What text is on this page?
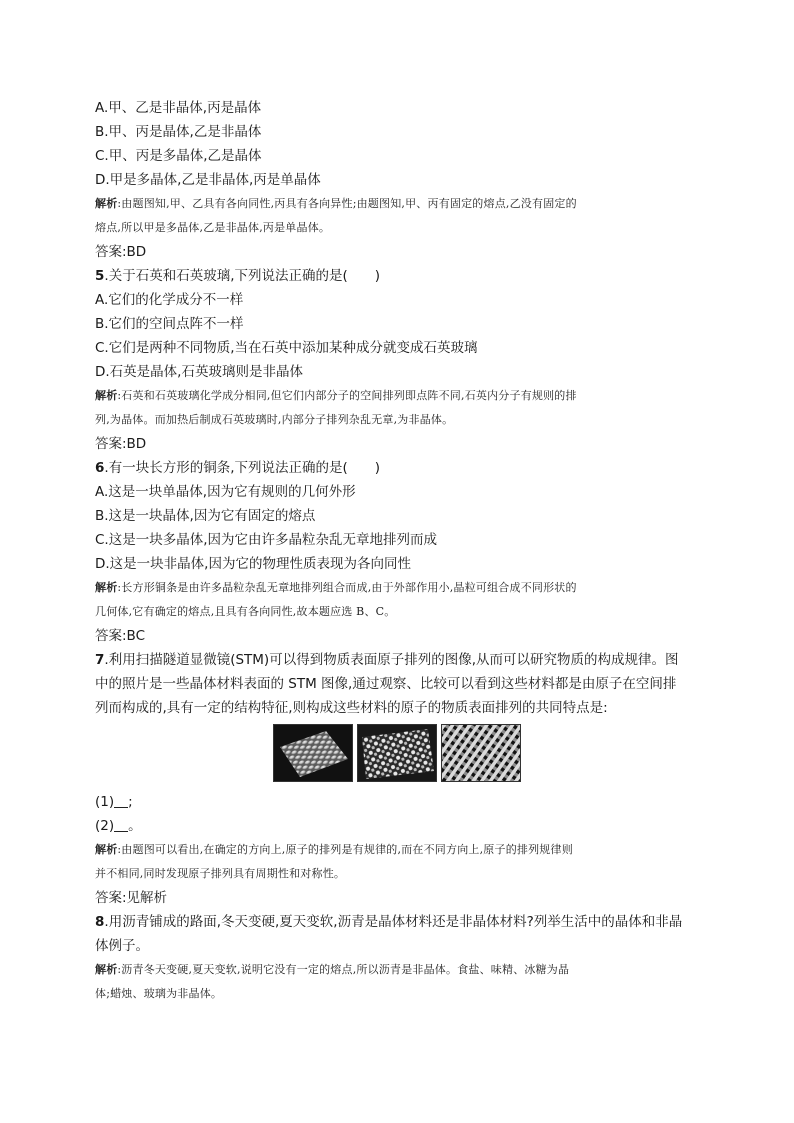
A.甲、乙是非晶体,丙是晶体
B.甲、丙是晶体,乙是非晶体
C.甲、丙是多晶体,乙是晶体
D.甲是多晶体,乙是非晶体,丙是单晶体
解析:由题图知,甲、乙具有各向同性,丙具有各向异性;由题图知,甲、丙有固定的熔点,乙没有固定的
熔点,所以甲是多晶体,乙是非晶体,丙是单晶体。
答案:BD
5.关于石英和石英玻璃,下列说法正确的是(　　)
A.它们的化学成分不一样
B.它们的空间点阵不一样
C.它们是两种不同物质,当在石英中添加某种成分就变成石英玻璃
D.石英是晶体,石英玻璃则是非晶体
解析:石英和石英玻璃化学成分相同,但它们内部分子的空间排列即点阵不同,石英内分子有规则的排
列,为晶体。而加热后制成石英玻璃时,内部分子排列杂乱无章,为非晶体。
答案:BD
6.有一块长方形的铜条,下列说法正确的是(　　)
A.这是一块单晶体,因为它有规则的几何外形
B.这是一块晶体,因为它有固定的熔点
C.这是一块多晶体,因为它由许多晶粒杂乱无章地排列而成
D.这是一块非晶体,因为它的物理性质表现为各向同性
解析:长方形铜条是由许多晶粒杂乱无章地排列组合而成,由于外部作用小,晶粒可组合成不同形状的
几何体,它有确定的熔点,且具有各向同性,故本题应选 B、C。
答案:BC
7.利用扫描隧道显微镜(STM)可以得到物质表面原子排列的图像,从而可以研究物质的构成规律。图
中的照片是一些晶体材料表面的 STM 图像,通过观察、比较可以看到这些材料都是由原子在空间排
列而构成的,具有一定的结构特征,则构成这些材料的原子的物质表面排列的共同特点是:
(1) ;
(2) 。
解析:由题图可以看出,在确定的方向上,原子的排列是有规律的,而在不同方向上,原子的排列规律则
并不相同,同时发现原子排列具有周期性和对称性。
答案:见解析
8.用沥青铺成的路面,冬天变硬,夏天变软,沥青是晶体材料还是非晶体材料?列举生活中的晶体和非晶
体例子。
解析:沥青冬天变硬,夏天变软,说明它没有一定的熔点,所以沥青是非晶体。食盐、味精、冰糖为晶
体;蜡烛、玻璃为非晶体。
